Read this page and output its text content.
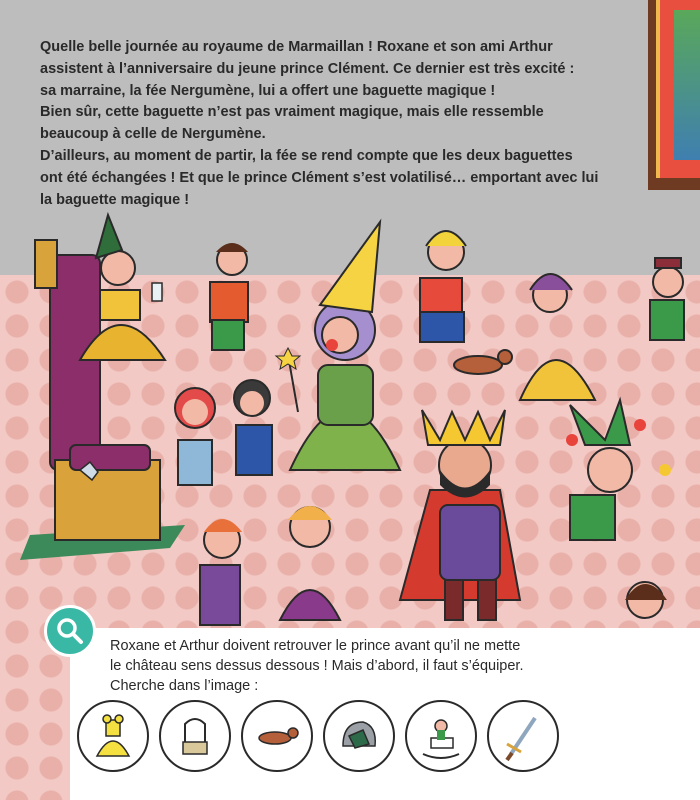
Quelle belle journée au royaume de Marmaillan ! Roxane et son ami Arthur

assistent à l’anniversaire du jeune prince Clément. Ce dernier est très excité :

sa marraine, la fée Nergumène, lui a offert une baguette magique !

Bien sûr, cette baguette n’est pas vraiment magique, mais elle ressemble

beaucoup à celle de Nergumène.

D’ailleurs, au moment de partir, la fée se rend compte que les deux baguettes

ont été échangées ! Et que le prince Clément s’est volatilisé… emportant avec lui

la baguette magique !

Roxane et Arthur doivent retrouver le prince avant qu’il ne mette
le château sens dessus dessous ! Mais d’abord, il faut s’équiper.
Cherche dans l’image :
